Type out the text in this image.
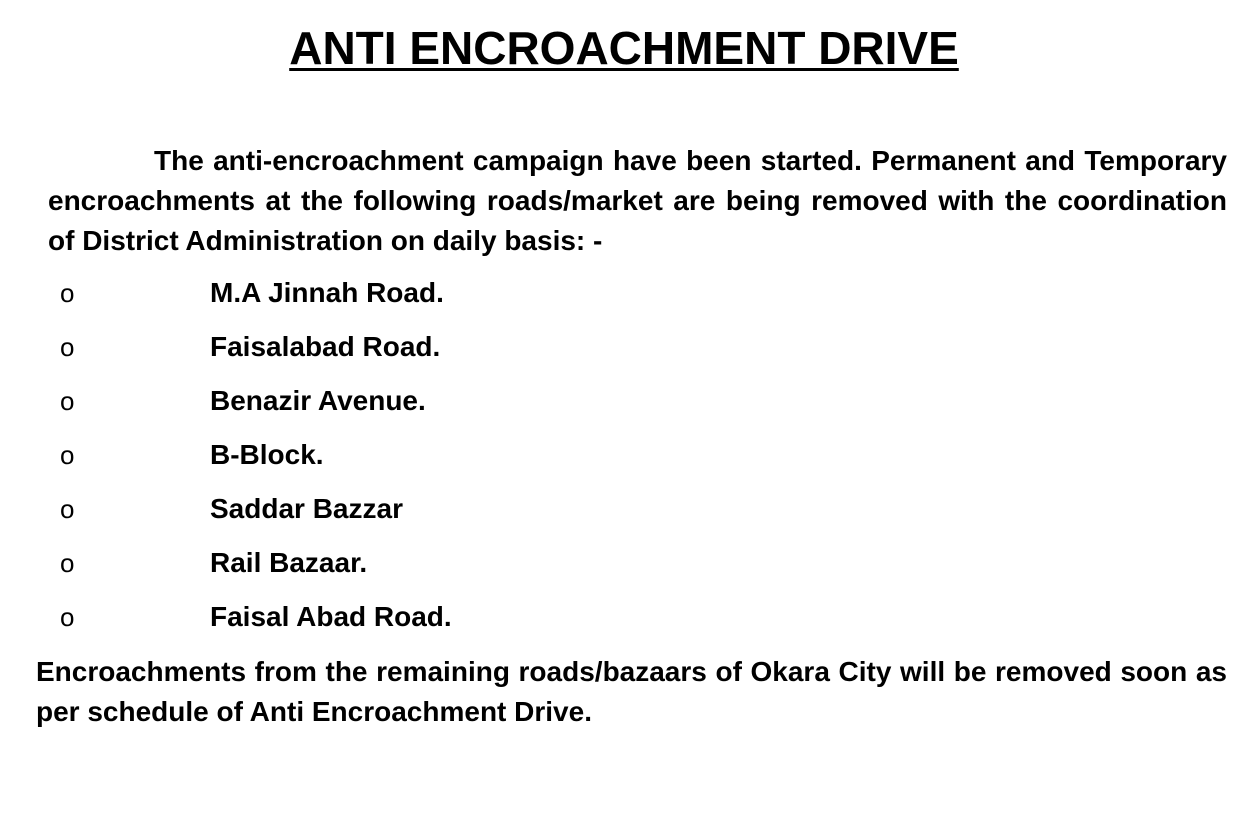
ANTI ENCROACHMENT DRIVE

The anti-encroachment campaign have been started. Permanent and Temporary encroachments at the following roads/market are being removed with the coordination of District Administration on daily basis: -

o	M.A Jinnah Road.
o	Faisalabad Road.
o	Benazir Avenue.
o	B-Block.
o	Saddar Bazzar
o	Rail Bazaar.
o	Faisal Abad Road.

Encroachments from the remaining roads/bazaars of Okara City will be removed soon as per schedule of Anti Encroachment Drive.
